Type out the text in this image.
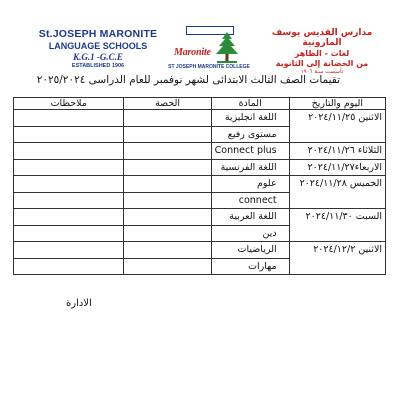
St.JOSEPH MARONITE
LANGUAGE SCHOOLS
K.G.1 -G.C.E
ESTABLISHED 1906
Maronite
ST JOSEPH MARONITE COLLEGE
مدارس القديس يوسف المارونية
لغات - الظاهر
من الحضانة إلى الثانوية
تأسست سنة ١٩٠٦
تقيمات الصف الثالث الابتدائى لشهر نوفمبر للعام الدراسى ٢٠٢٥/٢٠٢٤
اليوم والتاريخ	المادة	الحصة	ملاحظات
الاثنين ٢٠٢٤/١١/٢٥	اللغة انجليزية		
	مستوى رفيع		
الثلاثاء ٢٠٢٤/١١/٢٦	Connect plus		
الاربعاء٢٠٢٤/١١/٢٧	اللغة الفرنسية		
الخميس ٢٠٢٤/١١/٢٨	علوم		
	connect		
السبت ٢٠٢٤/١١/٣٠	اللغة العربية		
	دين		
الاثنين ٢٠٢٤/١٢/٢	الرياضيات		
	مهارات		
الادارة
